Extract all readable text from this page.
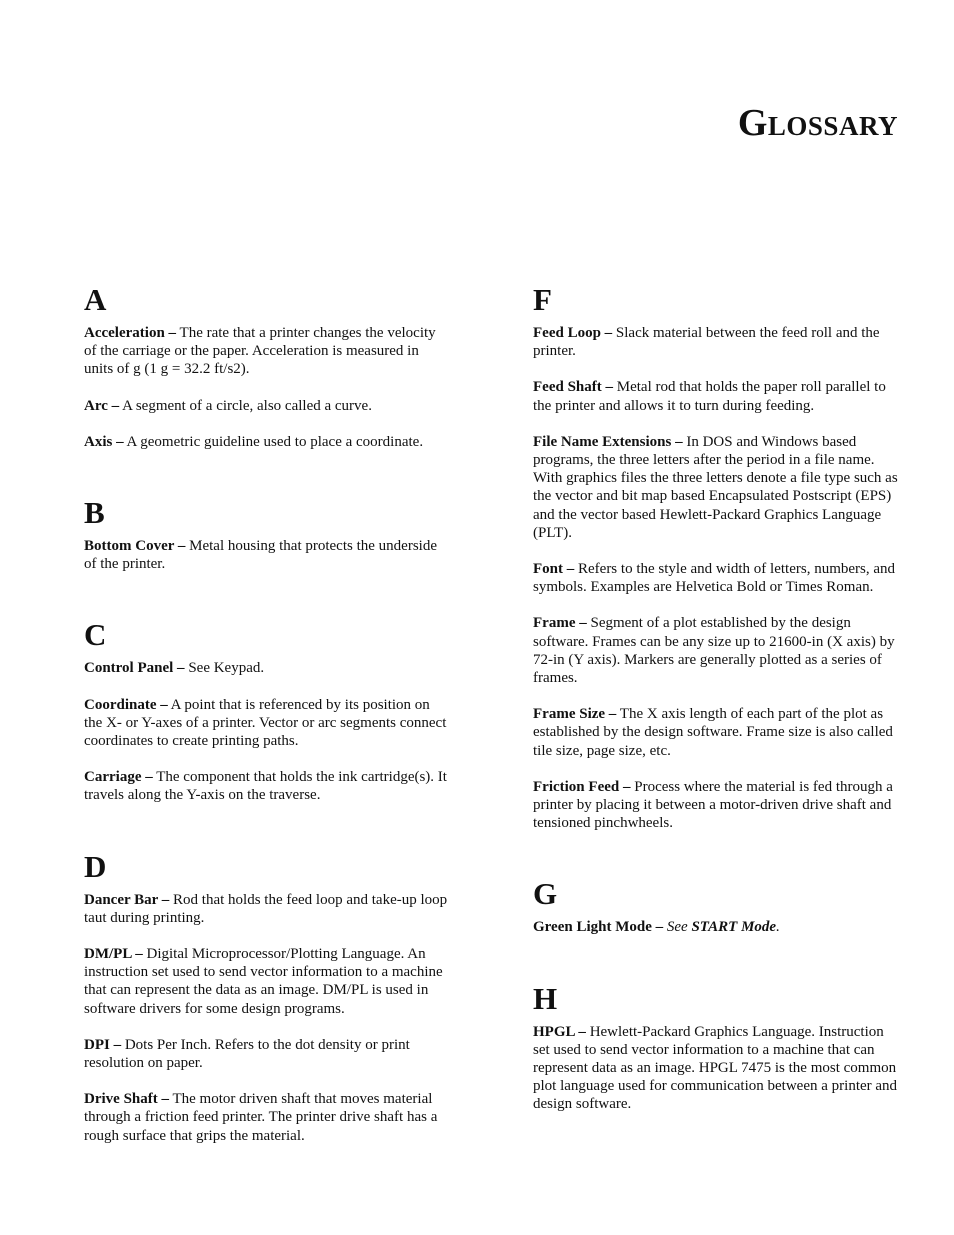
Glossary
A

Acceleration – The rate that a printer changes the velocity of the carriage or the paper. Acceleration is measured in units of g (1 g = 32.2 ft/s2).

Arc – A segment of a circle, also called a curve.

Axis – A geometric guideline used to place a coordinate.

B

Bottom Cover – Metal housing that protects the underside of the printer.

C

Control Panel – See Keypad.

Coordinate – A point that is referenced by its position on the X- or Y-axes of a printer. Vector or arc segments connect coordinates to create printing paths.

Carriage – The component that holds the ink cartridge(s). It travels along the Y-axis on the traverse.

D

Dancer Bar – Rod that holds the feed loop and take-up loop taut during printing.

DM/PL – Digital Microprocessor/Plotting Language. An instruction set used to send vector information to a machine that can represent the data as an image. DM/PL is used in software drivers for some design programs.

DPI – Dots Per Inch. Refers to the dot density or print resolution on paper.

Drive Shaft – The motor driven shaft that moves material through a friction feed printer. The printer drive shaft has a rough surface that grips the material.

F

Feed Loop – Slack material between the feed roll and the printer.

Feed Shaft – Metal rod that holds the paper roll parallel to the printer and allows it to turn during feeding.

File Name Extensions – In DOS and Windows based programs, the three letters after the period in a file name. With graphics files the three letters denote a file type such as the vector and bit map based Encapsulated Postscript (EPS) and the vector based Hewlett-Packard Graphics Language (PLT).

Font – Refers to the style and width of letters, numbers, and symbols. Examples are Helvetica Bold or Times Roman.

Frame – Segment of a plot established by the design software. Frames can be any size up to 21600-in (X axis) by 72-in (Y axis). Markers are generally plotted as a series of frames.

Frame Size – The X axis length of each part of the plot as established by the design software. Frame size is also called tile size, page size, etc.

Friction Feed – Process where the material is fed through a printer by placing it between a motor-driven drive shaft and tensioned pinchwheels.

G

Green Light Mode – See START Mode.

H

HPGL – Hewlett-Packard Graphics Language. Instruction set used to send vector information to a machine that can represent data as an image. HPGL 7475 is the most common plot language used for communication between a printer and design software.
